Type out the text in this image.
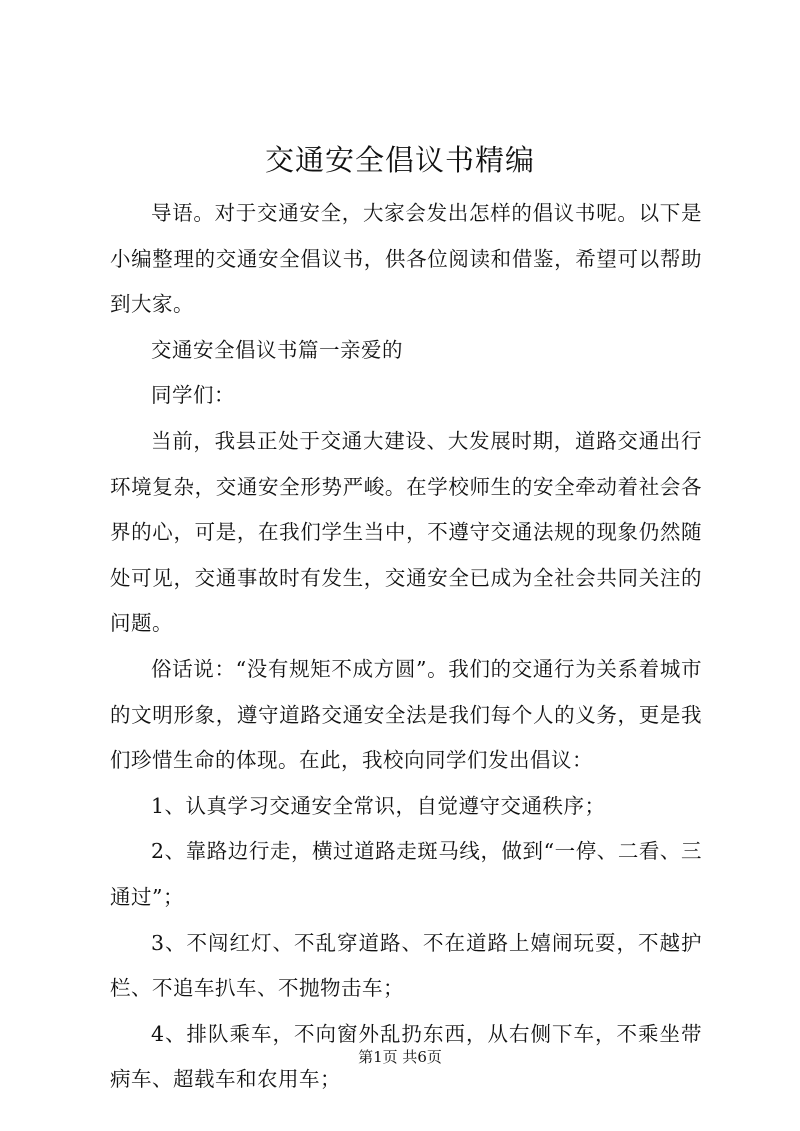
交通安全倡议书精编

导语。对于交通安全，大家会发出怎样的倡议书呢。以下是小编整理的交通安全倡议书，供各位阅读和借鉴，希望可以帮助到大家。

交通安全倡议书篇一亲爱的

同学们：

当前，我县正处于交通大建设、大发展时期，道路交通出行环境复杂，交通安全形势严峻。在学校师生的安全牵动着社会各界的心，可是，在我们学生当中，不遵守交通法规的现象仍然随处可见，交通事故时有发生，交通安全已成为全社会共同关注的问题。

俗话说：“没有规矩不成方圆”。我们的交通行为关系着城市的文明形象，遵守道路交通安全法是我们每个人的义务，更是我们珍惜生命的体现。在此，我校向同学们发出倡议：

1、认真学习交通安全常识，自觉遵守交通秩序；

2、靠路边行走，横过道路走斑马线，做到“一停、二看、三通过”；

3、不闯红灯、不乱穿道路、不在道路上嬉闹玩耍，不越护栏、不追车扒车、不抛物击车；

4、排队乘车，不向窗外乱扔东西，从右侧下车，不乘坐带病车、超载车和农用车；

第1页 共6页
